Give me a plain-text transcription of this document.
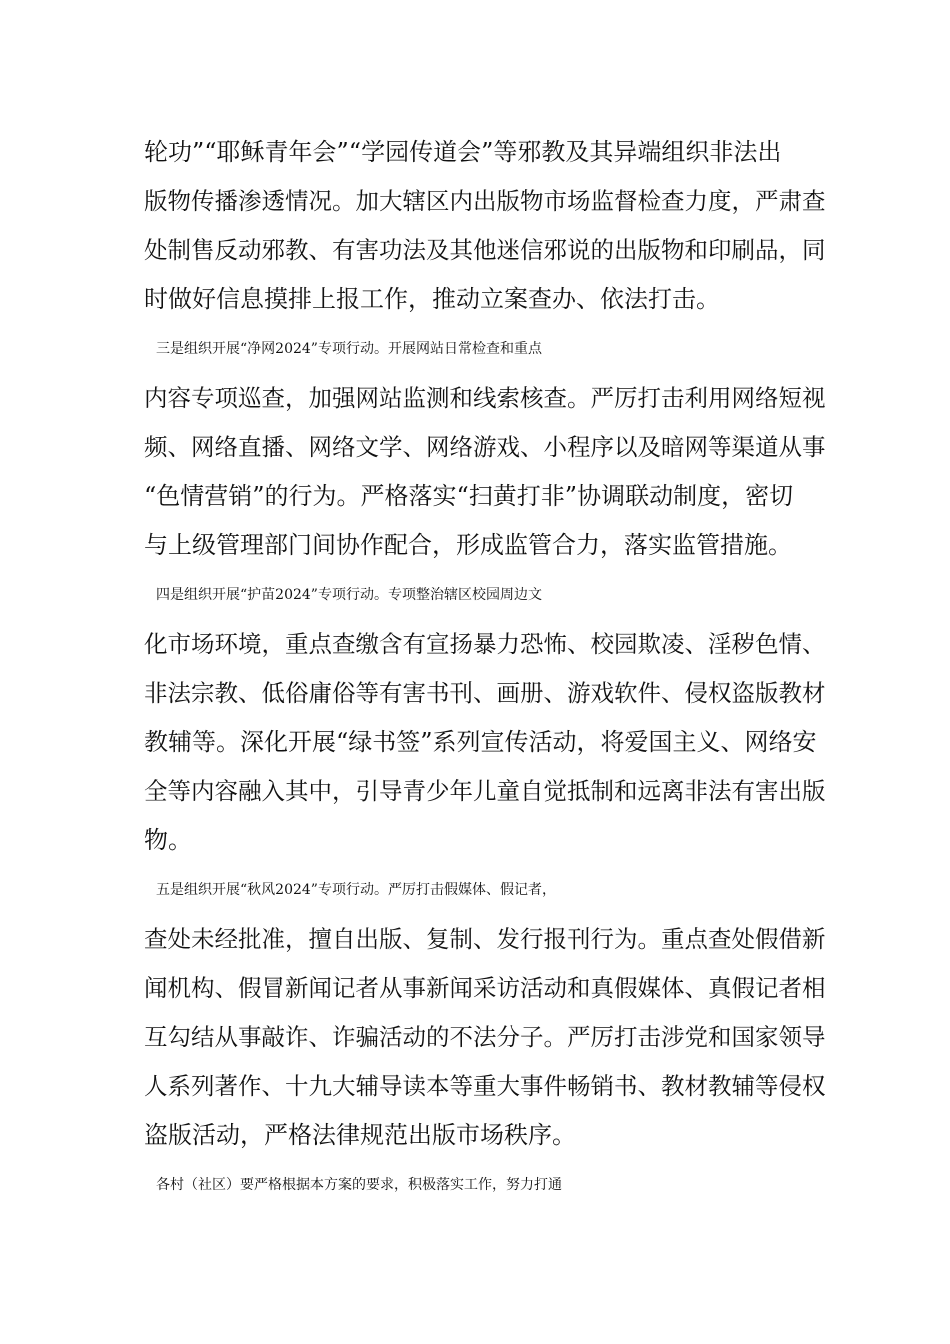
轮功”“耶稣青年会”“学园传道会”等邪教及其异端组织非法出
版物传播渗透情况。加大辖区内出版物市场监督检查力度，严肃查
处制售反动邪教、有害功法及其他迷信邪说的出版物和印刷品，同
时做好信息摸排上报工作，推动立案查办、依法打击。
三是组织开展“净网2024”专项行动。开展网站日常检查和重点
内容专项巡查，加强网站监测和线索核查。严厉打击利用网络短视
频、网络直播、网络文学、网络游戏、小程序以及暗网等渠道从事
“色情营销”的行为。严格落实“扫黄打非”协调联动制度，密切
与上级管理部门间协作配合，形成监管合力，落实监管措施。
四是组织开展“护苗2024”专项行动。专项整治辖区校园周边文
化市场环境，重点查缴含有宣扬暴力恐怖、校园欺凌、淫秽色情、
非法宗教、低俗庸俗等有害书刊、画册、游戏软件、侵权盗版教材
教辅等。深化开展“绿书签”系列宣传活动，将爱国主义、网络安
全等内容融入其中，引导青少年儿童自觉抵制和远离非法有害出版
物。
五是组织开展“秋风2024”专项行动。严厉打击假媒体、假记者，
查处未经批准，擅自出版、复制、发行报刊行为。重点查处假借新
闻机构、假冒新闻记者从事新闻采访活动和真假媒体、真假记者相
互勾结从事敲诈、诈骗活动的不法分子。严厉打击涉党和国家领导
人系列著作、十九大辅导读本等重大事件畅销书、教材教辅等侵权
盗版活动，严格法律规范出版市场秩序。
各村（社区）要严格根据本方案的要求，积极落实工作，努力打通
